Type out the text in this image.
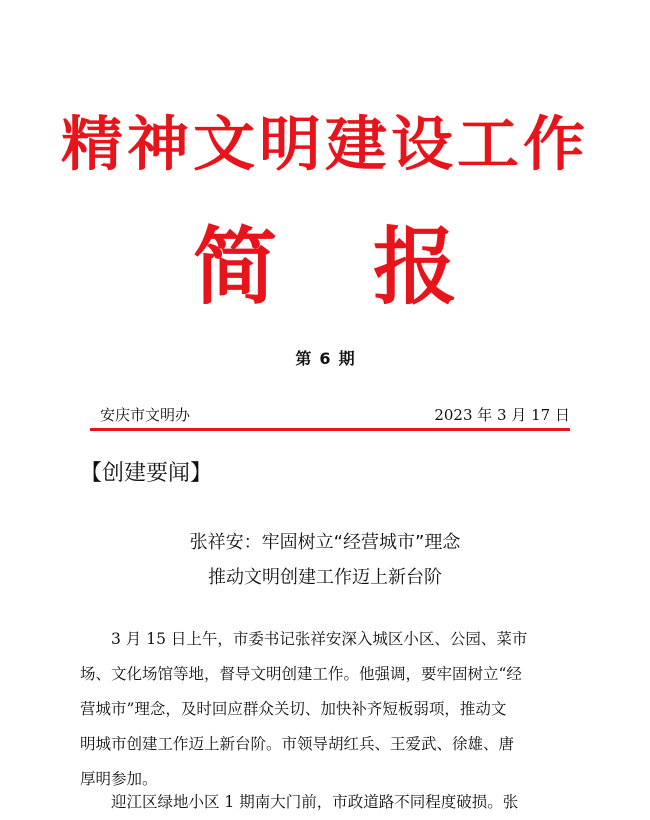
精神文明建设工作
简 报
第 6 期
安庆市文明办	2023 年 3 月 17 日
【创建要闻】
张祥安：牢固树立“经营城市”理念
推动文明创建工作迈上新台阶
3 月 15 日上午，市委书记张祥安深入城区小区、公园、菜市
场、文化场馆等地，督导文明创建工作。他强调，要牢固树立“经
营城市”理念，及时回应群众关切、加快补齐短板弱项，推动文
明城市创建工作迈上新台阶。市领导胡红兵、王爱武、徐雄、唐
厚明参加。
迎江区绿地小区 1 期南大门前，市政道路不同程度破损。张
